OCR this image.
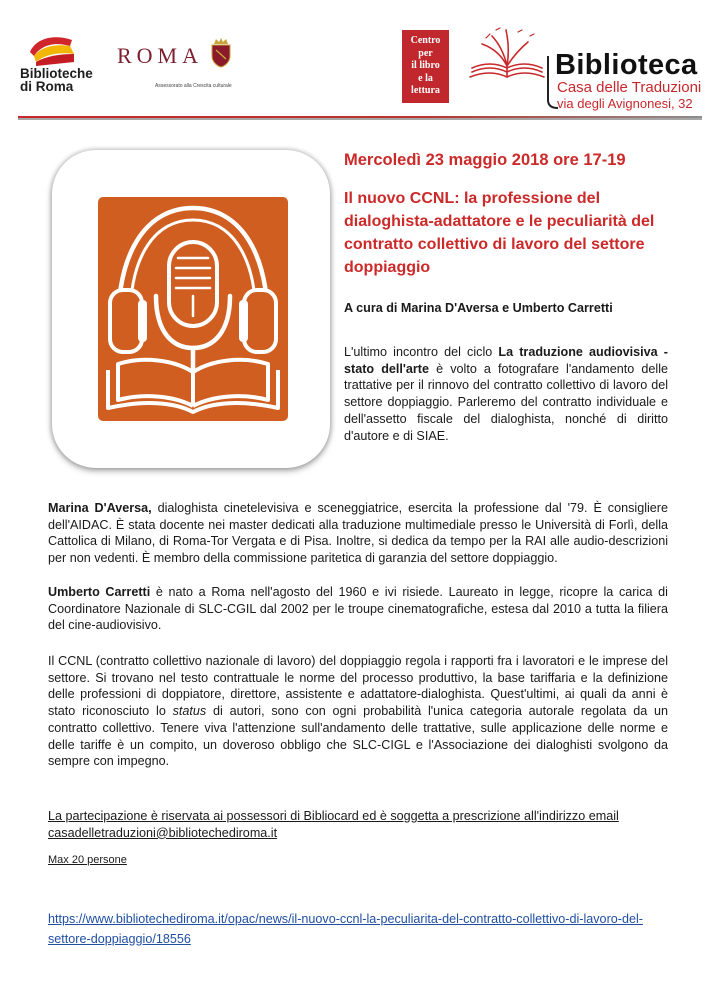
Biblioteche
di Roma
ROMA
Assessorato alla Crescita culturale
Centro
per
il libro
e la
lettura
Biblioteca
Casa delle Traduzioni
via degli Avignonesi, 32
Mercoledì 23 maggio 2018 ore 17-19
Il nuovo CCNL: la professione del
dialoghista-adattatore e le peculiarità del
contratto collettivo di lavoro del settore
doppiaggio
A cura di Marina D'Aversa e Umberto Carretti

L'ultimo incontro del ciclo La traduzione audiovisiva - stato dell'arte è volto a fotografare l'andamento delle trattative per il rinnovo del contratto collettivo di lavoro del settore doppiaggio. Parleremo del contratto individuale e dell'assetto fiscale del dialoghista, nonché di diritto d'autore e di SIAE.

Marina D'Aversa, dialoghista cinetelevisiva e sceneggiatrice, esercita la professione dal '79. È consigliere dell'AIDAC. È stata docente nei master dedicati alla traduzione multimediale presso le Università di Forlì, della Cattolica di Milano, di Roma-Tor Vergata e di Pisa. Inoltre, si dedica da tempo per la RAI alle audio-descrizioni per non vedenti. È membro della commissione paritetica di garanzia del settore doppiaggio.

Umberto Carretti è nato a Roma nell'agosto del 1960 e ivi risiede. Laureato in legge, ricopre la carica di Coordinatore Nazionale di SLC-CGIL dal 2002 per le troupe cinematografiche, estesa dal 2010 a tutta la filiera del cine-audiovisivo.

Il CCNL (contratto collettivo nazionale di lavoro) del doppiaggio regola i rapporti fra i lavoratori e le imprese del settore. Si trovano nel testo contrattuale le norme del processo produttivo, la base tariffaria e la definizione delle professioni di doppiatore, direttore, assistente e adattatore-dialoghista. Quest'ultimi, ai quali da anni è stato riconosciuto lo status di autori, sono con ogni probabilità l'unica categoria autorale regolata da un contratto collettivo. Tenere viva l'attenzione sull'andamento delle trattative, sulle applicazione delle norme e delle tariffe è un compito, un doveroso obbligo che SLC-CIGL e l'Associazione dei dialoghisti svolgono da sempre con impegno.

La partecipazione è riservata ai possessori di Bibliocard ed è soggetta a prescrizione all'indirizzo email
casadelletraduzioni@bibliotechediroma.it
Max 20 persone
https://www.bibliotechediroma.it/opac/news/il-nuovo-ccnl-la-peculiarita-del-contratto-collettivo-di-lavoro-del-settore-doppiaggio/18556
